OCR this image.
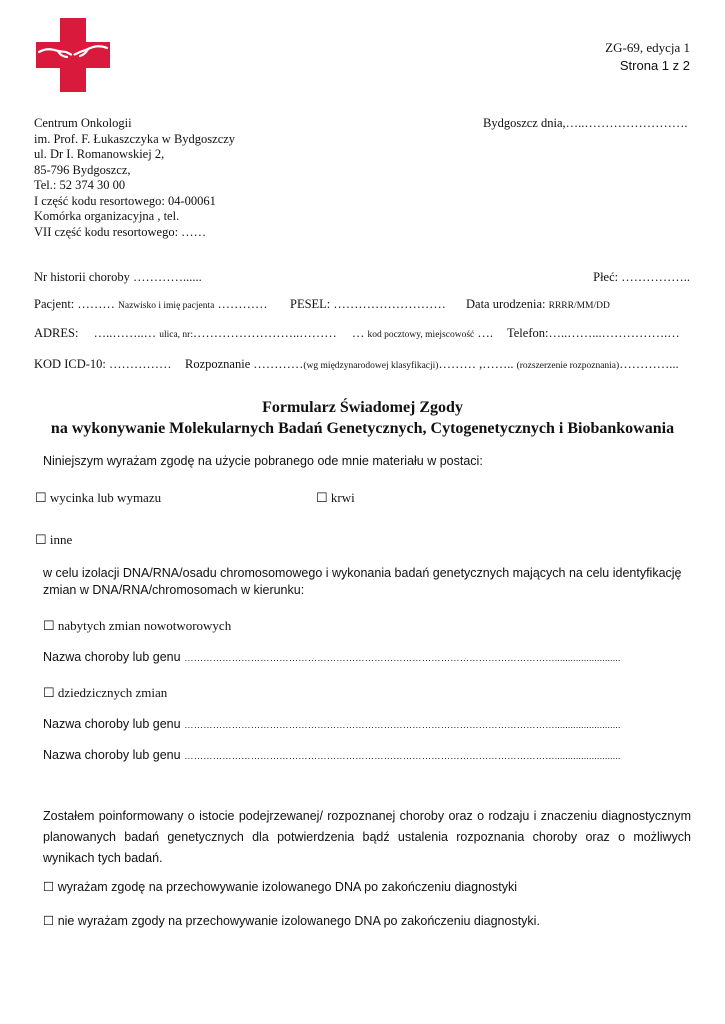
ZG-69, edycja 1
Strona 1 z 2
Centrum Onkologii
im. Prof. F. Łukaszczyka w Bydgoszczy
ul. Dr I. Romanowskiej 2,
85-796 Bydgoszcz,
Tel.: 52 374 30 00
I część kodu resortowego: 04-00061
Komórka organizacyjna , tel.
VII część kodu resortowego: ……
Bydgoszcz dnia,…..…………………….
Nr historii choroby …………......	Płeć: ……………..
Pacjent: ……… Nazwisko i imię pacjenta ………… PESEL: ……………………… Data urodzenia: RRRR/MM/DD
ADRES: …..……..… ulica, nr:……………………..……… … kod pocztowy, miejscowość …. Telefon:…..……...…………….…
KOD ICD-10: …………… Rozpoznanie …………(wg międzynarodowej klasyfikacji)……… ,…….. (rozszerzenie rozpoznania)…………...
Formularz Świadomej Zgody
na wykonywanie Molekularnych Badań Genetycznych, Cytogenetycznych i Biobankowania
Niniejszym wyrażam zgodę na użycie pobranego ode mnie materiału w postaci:
☐ wycinka lub wymazu	☐ krwi
☐ inne
w celu izolacji DNA/RNA/osadu chromosomowego i wykonania badań genetycznych mających na celu identyfikację
zmian w DNA/RNA/chromosomach w kierunku:
☐ nabytych zmian nowotworowych
Nazwa choroby lub genu ……………………………………………………………………………………………………….........................
☐ dziedzicznych zmian
Nazwa choroby lub genu ……………………………………………………………………………………………………….........................
Nazwa choroby lub genu ……………………………………………………………………………………………………….........................
Zostałem poinformowany o istocie podejrzewanej/ rozpoznanej choroby oraz o rodzaju i znaczeniu diagnostycznym planowanych badań genetycznych dla potwierdzenia bądź ustalenia rozpoznania choroby oraz o możliwych wynikach tych badań.
☐ wyrażam zgodę na przechowywanie izolowanego DNA po zakończeniu diagnostyki
☐ nie wyrażam zgody na przechowywanie izolowanego DNA po zakończeniu diagnostyki.
